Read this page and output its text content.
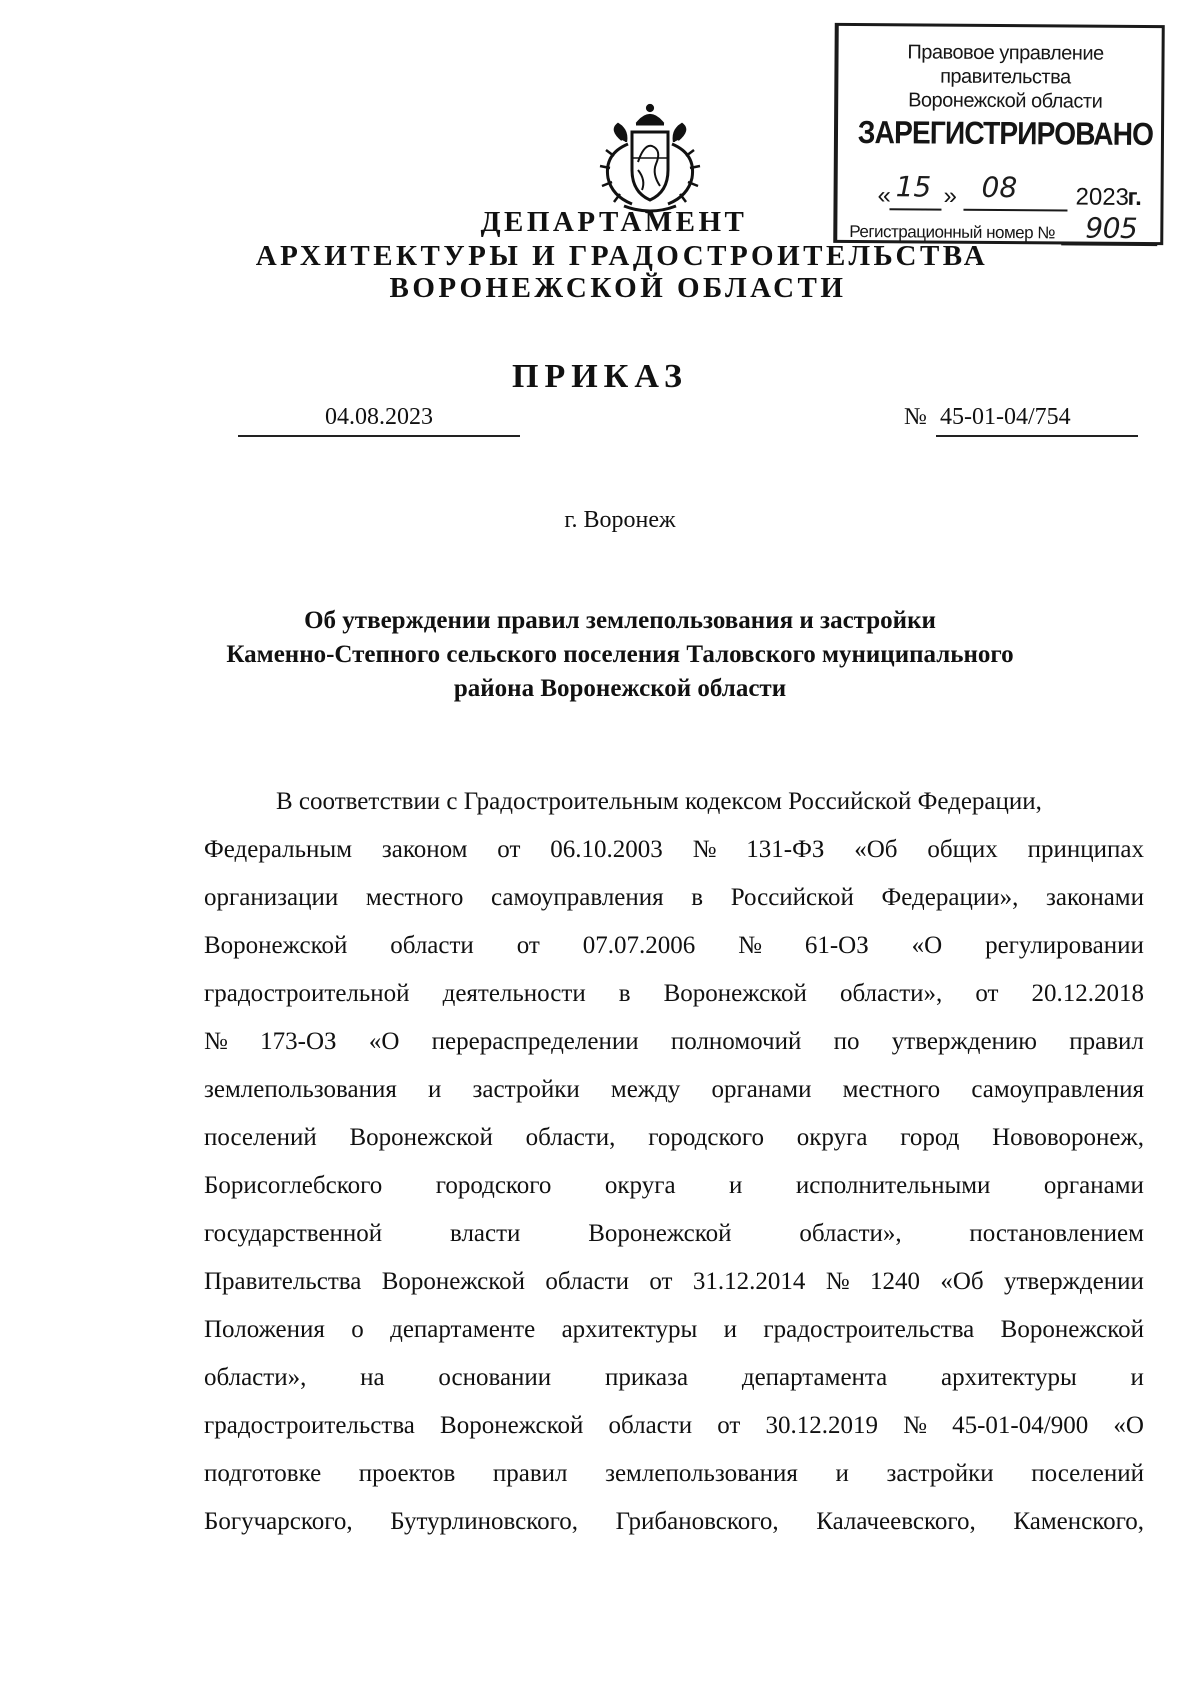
Правовое управление правительства
Воронежской области
ЗАРЕГИСТРИРОВАНО
« 15 » 08 2023
г.
Регистрационный номер № 905
ДЕПАРТАМЕНТ
АРХИТЕКТУРЫ И ГРАДОСТРОИТЕЛЬСТВА
ВОРОНЕЖСКОЙ ОБЛАСТИ
ПРИКАЗ
04.08.2023	№ 45-01-04/754
г. Воронеж
Об утверждении правил землепользования и застройки
Каменно-Степного сельского поселения Таловского муниципального
района Воронежской области
В соответствии с Градостроительным кодексом Российской Федерации,
Федеральным законом от 06.10.2003 № 131-ФЗ «Об общих принципах
организации местного самоуправления в Российской Федерации», законами
Воронежской области от 07.07.2006 № 61-ОЗ «О регулировании
градостроительной деятельности в Воронежской области», от 20.12.2018
№ 173-ОЗ «О перераспределении полномочий по утверждению правил
землепользования и застройки между органами местного самоуправления
поселений Воронежской области, городского округа город Нововоронеж,
Борисоглебского городского округа и исполнительными органами
государственной	власти	Воронежской	области»,	постановлением
Правительства Воронежской области от 31.12.2014 № 1240 «Об утверждении
Положения о департаменте архитектуры и градостроительства Воронежской
области», на основании приказа департамента архитектуры и
градостроительства Воронежской области от 30.12.2019 № 45-01-04/900 «О
подготовке проектов правил землепользования и застройки поселений
Богучарского, Бутурлиновского, Грибановского, Калачеевского, Каменского,
